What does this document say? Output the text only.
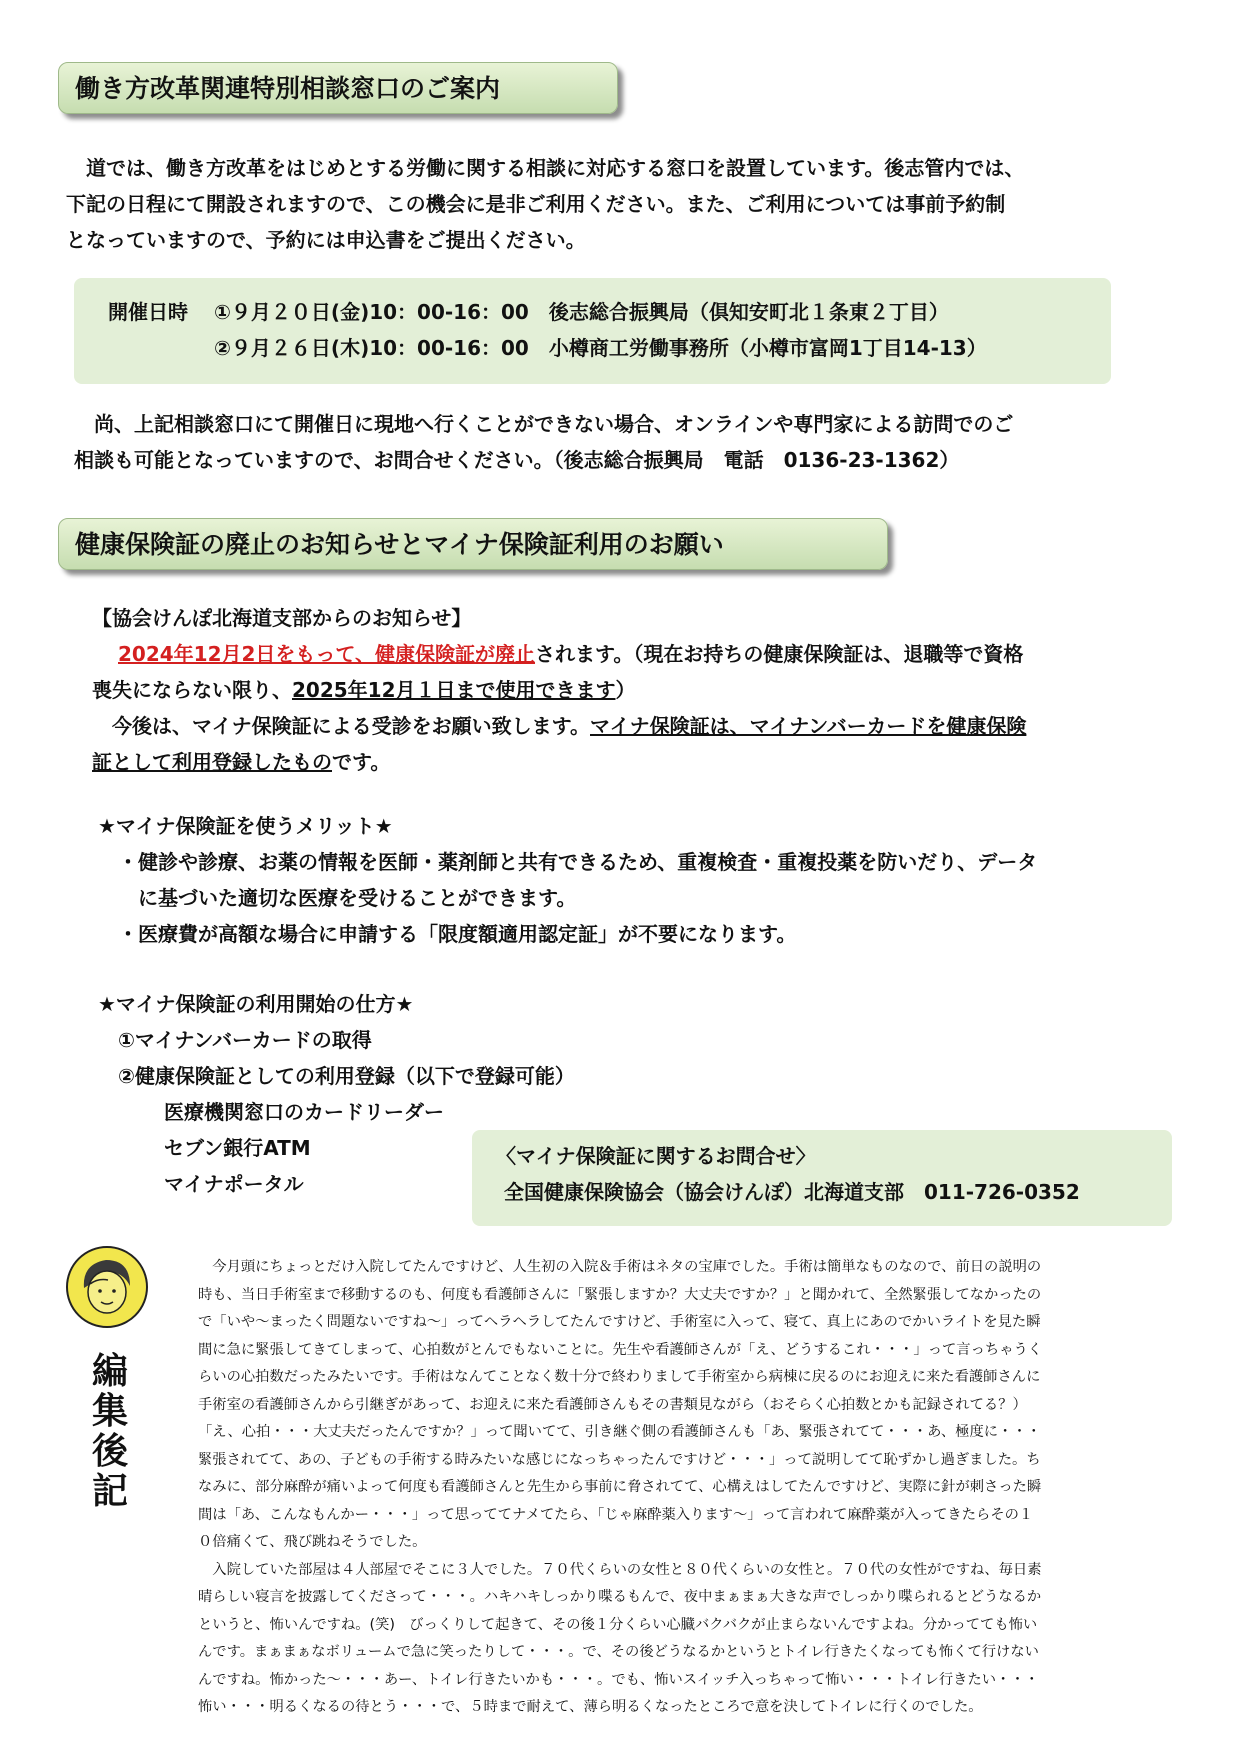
働き方改革関連特別相談窓口のご案内
　道では、働き方改革をはじめとする労働に関する相談に対応する窓口を設置しています。後志管内では、
下記の日程にて開設されますので、この機会に是非ご利用ください。また、ご利用については事前予約制
となっていますので、予約には申込書をご提出ください。
開催日時 ①９月２０日(金)10：00-16：00　後志総合振興局（倶知安町北１条東２丁目）
②９月２６日(木)10：00-16：00　小樽商工労働事務所（小樽市富岡1丁目14-13）
　尚、上記相談窓口にて開催日に現地へ行くことができない場合、オンラインや専門家による訪問でのご
相談も可能となっていますので、お問合せください。（後志総合振興局　電話　0136-23-1362）
健康保険証の廃止のお知らせとマイナ保険証利用のお願い
【協会けんぽ北海道支部からのお知らせ】
2024年12月2日をもって、健康保険証が廃止されます。（現在お持ちの健康保険証は、退職等で資格
喪失にならない限り、2025年12月１日まで使用できます）
　今後は、マイナ保険証による受診をお願い致します。マイナ保険証は、マイナンバーカードを健康保険
証として利用登録したものです。
★マイナ保険証を使うメリット★
・健診や診療、お薬の情報を医師・薬剤師と共有できるため、重複検査・重複投薬を防いだり、データ
　に基づいた適切な医療を受けることができます。
・医療費が高額な場合に申請する「限度額適用認定証」が不要になります。
★マイナ保険証の利用開始の仕方★
①マイナンバーカードの取得
②健康保険証としての利用登録（以下で登録可能）
医療機関窓口のカードリーダー
セブン銀行ATM
マイナポータル
〈マイナ保険証に関するお問合せ〉
全国健康保険協会（協会けんぽ）北海道支部　011-726-0352
編
集
後
記
　今月頭にちょっとだけ入院してたんですけど、人生初の入院＆手術はネタの宝庫でした。手術は簡単なものなので、前日の説明の
時も、当日手術室まで移動するのも、何度も看護師さんに「緊張しますか？大丈夫ですか？」と聞かれて、全然緊張してなかったの
で「いや〜まったく問題ないですね〜」ってヘラヘラしてたんですけど、手術室に入って、寝て、真上にあのでかいライトを見た瞬
間に急に緊張してきてしまって、心拍数がとんでもないことに。先生や看護師さんが「え、どうするこれ・・・」って言っちゃうく
らいの心拍数だったみたいです。手術はなんてことなく数十分で終わりまして手術室から病棟に戻るのにお迎えに来た看護師さんに
手術室の看護師さんから引継ぎがあって、お迎えに来た看護師さんもその書類見ながら（おそらく心拍数とかも記録されてる？）
「え、心拍・・・大丈夫だったんですか？」って聞いてて、引き継ぐ側の看護師さんも「あ、緊張されてて・・・あ、極度に・・・
緊張されてて、あの、子どもの手術する時みたいな感じになっちゃったんですけど・・・」って説明してて恥ずかし過ぎました。ち
なみに、部分麻酔が痛いよって何度も看護師さんと先生から事前に脅されてて、心構えはしてたんですけど、実際に針が刺さった瞬
間は「あ、こんなもんかー・・・」って思っててナメてたら、「じゃ麻酔薬入ります〜」って言われて麻酔薬が入ってきたらその１
０倍痛くて、飛び跳ねそうでした。
　入院していた部屋は４人部屋でそこに３人でした。７０代くらいの女性と８０代くらいの女性と。７０代の女性がですね、毎日素
晴らしい寝言を披露してくださって・・・。ハキハキしっかり喋るもんで、夜中まぁまぁ大きな声でしっかり喋られるとどうなるか
というと、怖いんですね。(笑)　びっくりして起きて、その後１分くらい心臓バクバクが止まらないんですよね。分かってても怖い
んです。まぁまぁなボリュームで急に笑ったりして・・・。で、その後どうなるかというとトイレ行きたくなっても怖くて行けない
んですね。怖かった〜・・・あー、トイレ行きたいかも・・・。でも、怖いスイッチ入っちゃって怖い・・・トイレ行きたい・・・
怖い・・・明るくなるの待とう・・・で、５時まで耐えて、薄ら明るくなったところで意を決してトイレに行くのでした。
